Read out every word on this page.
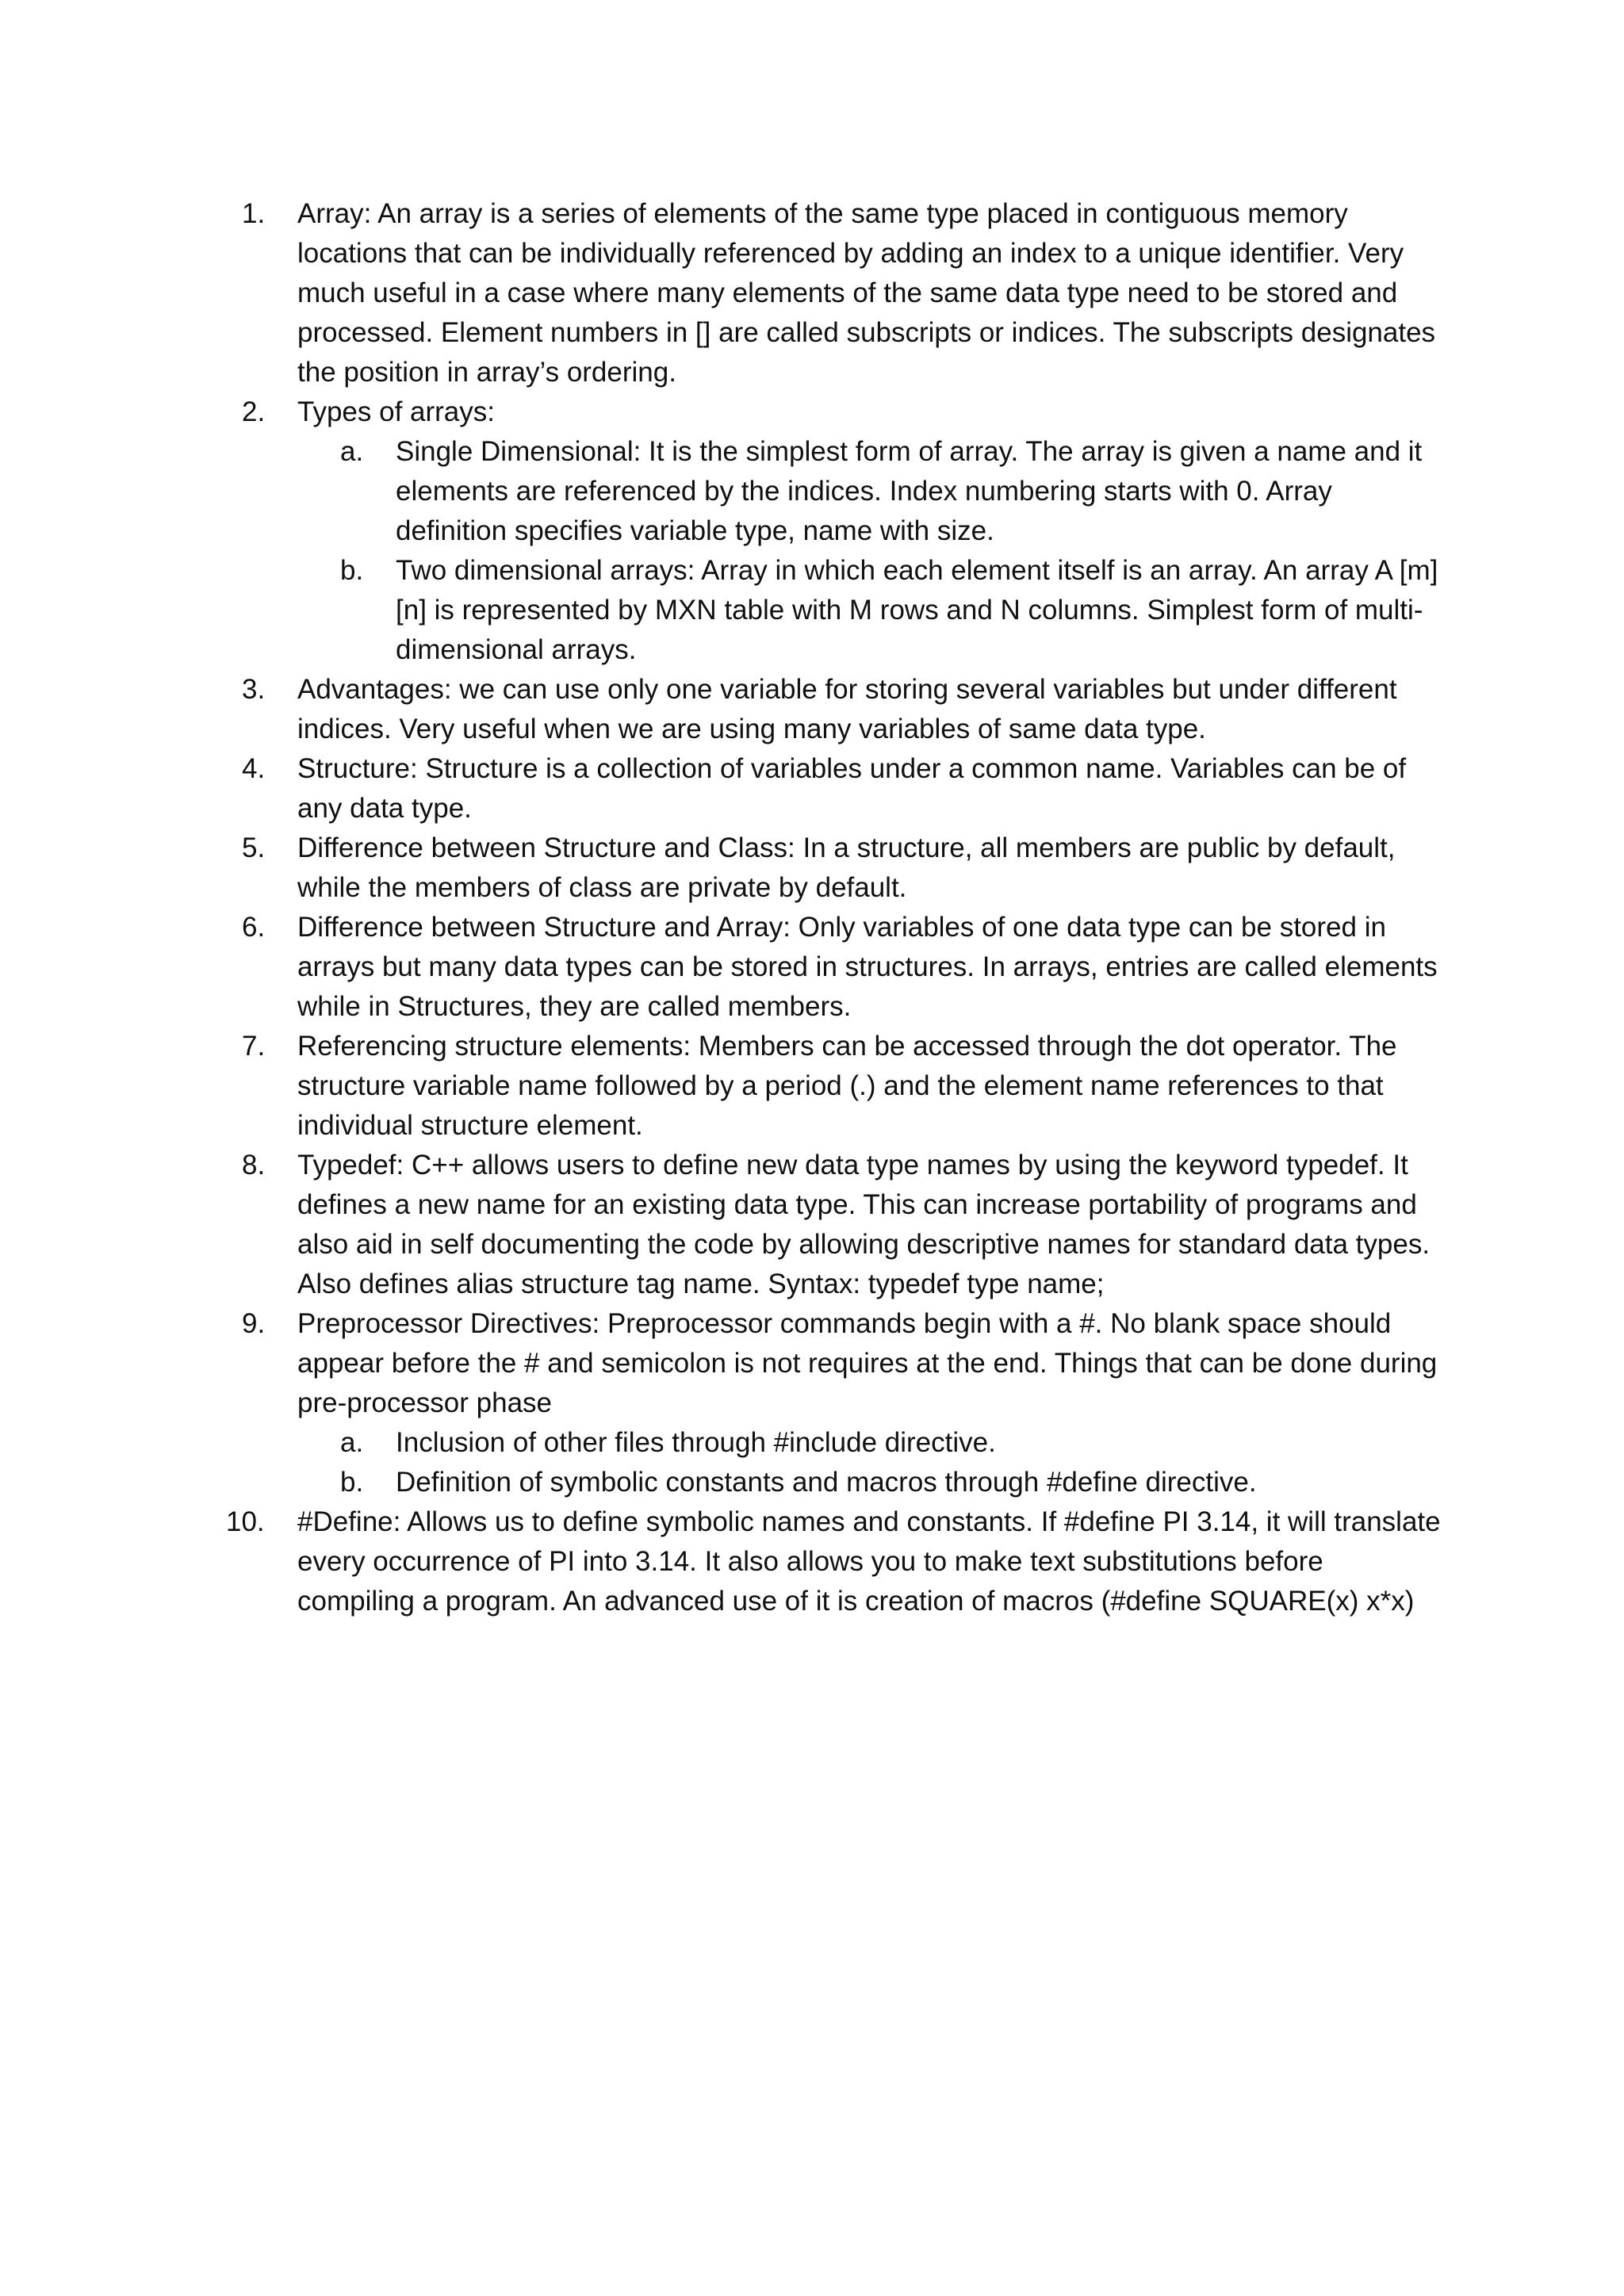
1.	Array: An array is a series of elements of the same type placed in contiguous memory locations that can be individually referenced by adding an index to a unique identifier. Very much useful in a case where many elements of the same data type need to be stored and processed. Element numbers in [] are called subscripts or indices. The subscripts designates the position in array’s ordering.
2.	Types of arrays:
a. Single Dimensional: It is the simplest form of array. The array is given a name and it elements are referenced by the indices. Index numbering starts with 0. Array definition specifies variable type, name with size.
b. Two dimensional arrays: Array in which each element itself is an array. An array A [m] [n] is represented by MXN table with M rows and N columns. Simplest form of multi-dimensional arrays.
3.	Advantages: we can use only one variable for storing several variables but under different indices. Very useful when we are using many variables of same data type.
4.	Structure: Structure is a collection of variables under a common name. Variables can be of any data type.
5.	Difference between Structure and Class: In a structure, all members are public by default, while the members of class are private by default.
6.	Difference between Structure and Array: Only variables of one data type can be stored in arrays but many data types can be stored in structures. In arrays, entries are called elements while in Structures, they are called members.
7.	Referencing structure elements: Members can be accessed through the dot operator. The structure variable name followed by a period (.) and the element name references to that individual structure element.
8.	Typedef: C++ allows users to define new data type names by using the keyword typedef. It defines a new name for an existing data type. This can increase portability of programs and also aid in self documenting the code by allowing descriptive names for standard data types. Also defines alias structure tag name. Syntax: typedef type name;
9.	Preprocessor Directives: Preprocessor commands begin with a #. No blank space should appear before the # and semicolon is not requires at the end. Things that can be done during pre-processor phase
a. Inclusion of other files through #include directive.
b. Definition of symbolic constants and macros through #define directive.
10.	#Define: Allows us to define symbolic names and constants. If #define PI 3.14, it will translate every occurrence of PI into 3.14. It also allows you to make text substitutions before compiling a program. An advanced use of it is creation of macros (#define SQUARE(x) x*x)
